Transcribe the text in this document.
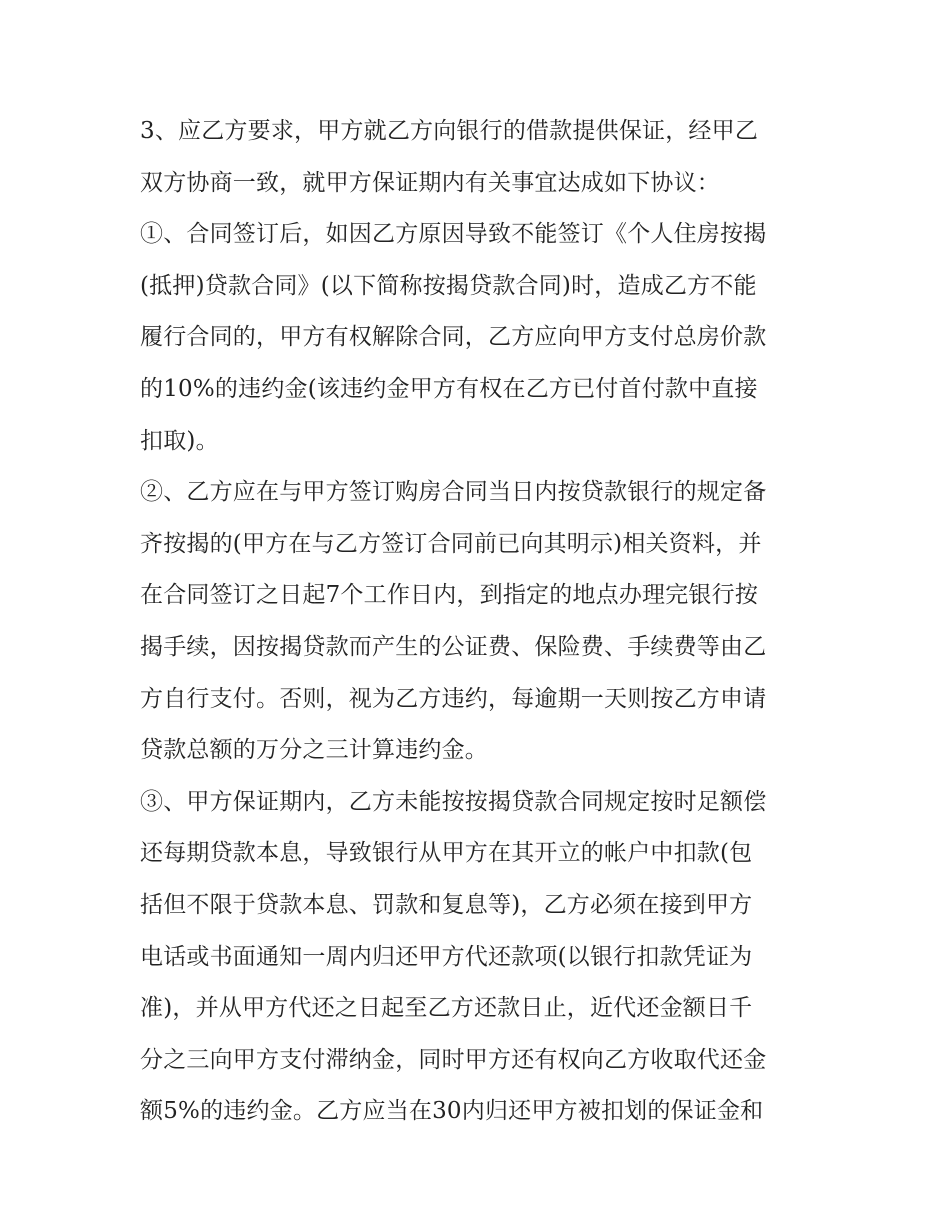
3、应乙方要求，甲方就乙方向银行的借款提供保证，经甲乙
双方协商一致，就甲方保证期内有关事宜达成如下协议：
①、合同签订后，如因乙方原因导致不能签订《个人住房按揭
(抵押)贷款合同》(以下简称按揭贷款合同)时，造成乙方不能
履行合同的，甲方有权解除合同，乙方应向甲方支付总房价款
的10%的违约金(该违约金甲方有权在乙方已付首付款中直接
扣取)。
②、乙方应在与甲方签订购房合同当日内按贷款银行的规定备
齐按揭的(甲方在与乙方签订合同前已向其明示)相关资料，并
在合同签订之日起7个工作日内，到指定的地点办理完银行按
揭手续，因按揭贷款而产生的公证费、保险费、手续费等由乙
方自行支付。否则，视为乙方违约，每逾期一天则按乙方申请
贷款总额的万分之三计算违约金。
③、甲方保证期内，乙方未能按按揭贷款合同规定按时足额偿
还每期贷款本息，导致银行从甲方在其开立的帐户中扣款(包
括但不限于贷款本息、罚款和复息等)，乙方必须在接到甲方
电话或书面通知一周内归还甲方代还款项(以银行扣款凭证为
准)，并从甲方代还之日起至乙方还款日止，近代还金额日千
分之三向甲方支付滞纳金，同时甲方还有权向乙方收取代还金
额5%的违约金。乙方应当在30内归还甲方被扣划的保证金和
